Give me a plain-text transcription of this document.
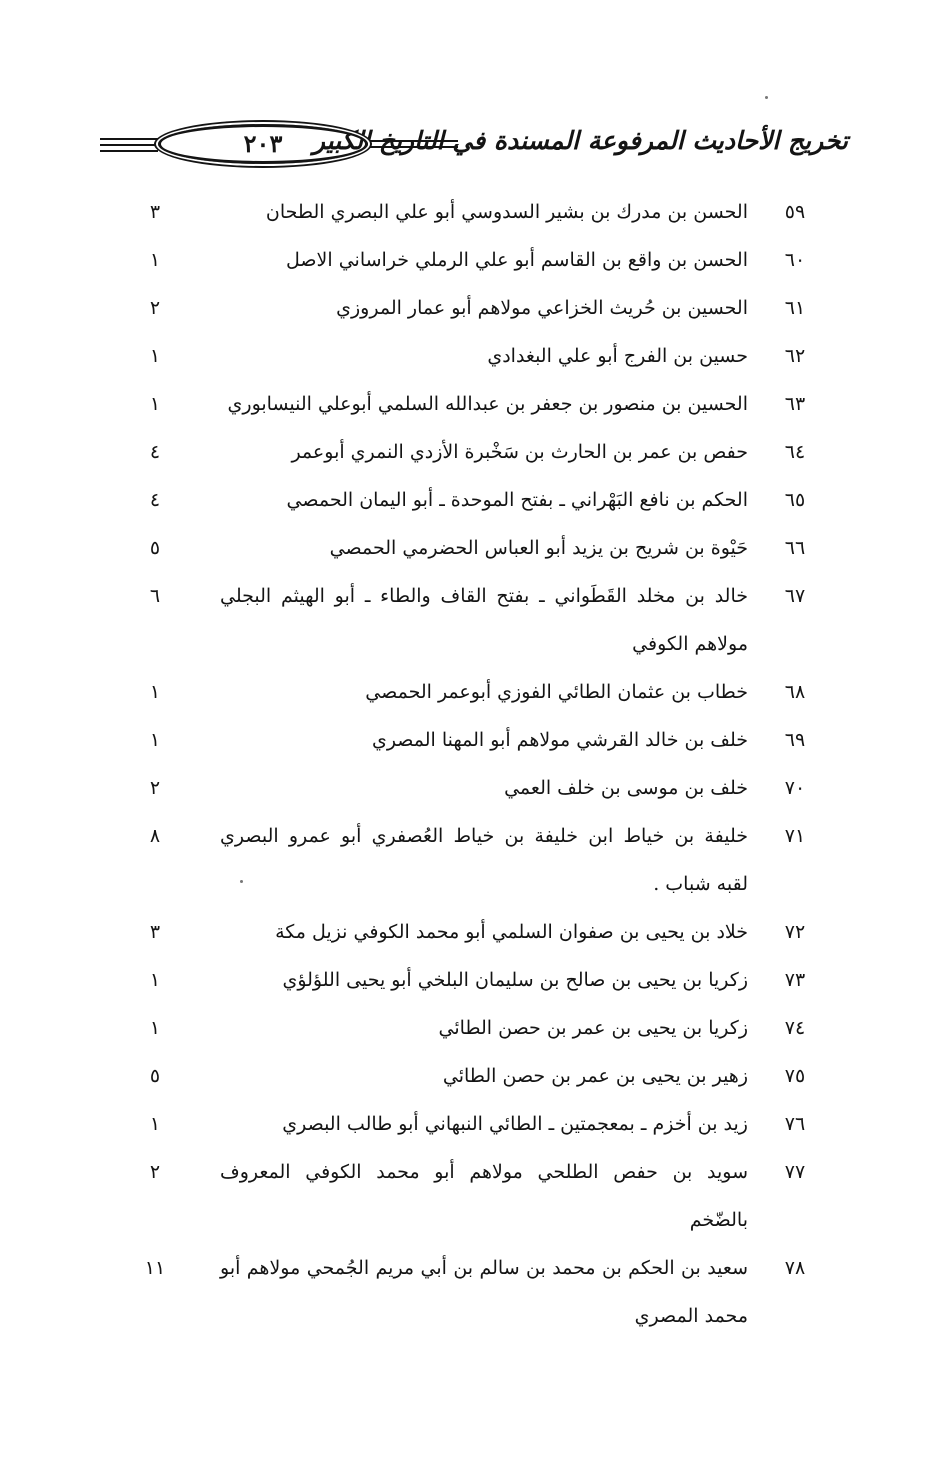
تخريج الأحاديث المرفوعة المسندة في التاريخ الكبير
٢٠٣
٥٩
الحسن بن مدرك بن بشير السدوسي أبو علي البصري الطحان
٣
٦٠
الحسن بن واقع بن القاسم أبو علي الرملي خراساني الاصل
١
٦١
الحسين بن حُريث الخزاعي مولاهم أبو عمار المروزي
٢
٦٢
حسين بن الفرج أبو علي البغدادي
١
٦٣
الحسين بن منصور بن جعفر بن عبدالله السلمي أبوعلي النيسابوري
١
٦٤
حفص بن عمر بن الحارث بن سَخْبرة الأزدي النمري أبوعمر
٤
٦٥
الحكم بن نافع البَهْراني ـ بفتح الموحدة ـ أبو اليمان الحمصي
٤
٦٦
حَيْوة بن شريح بن يزيد أبو العباس الحضرمي الحمصي
٥
٦٧
خالد بن مخلد القَطَواني ـ بفتح القاف والطاء ـ أبو الهيثم البجلي
مولاهم الكوفي
٦
٦٨
خطاب بن عثمان الطائي الفوزي أبوعمر الحمصي
١
٦٩
خلف بن خالد القرشي مولاهم أبو المهنا المصري
١
٧٠
خلف بن موسى بن خلف العمي
٢
٧١
خليفة بن خياط ابن خليفة بن خياط العُصفري أبو عمرو البصري
لقبه شباب .
٨
٧٢
خلاد بن يحيى بن صفوان السلمي أبو محمد الكوفي نزيل مكة
٣
٧٣
زكريا بن يحيى بن صالح بن سليمان البلخي أبو يحيى اللؤلؤي
١
٧٤
زكريا بن يحيى بن عمر بن حصن الطائي
١
٧٥
زهير بن يحيى بن عمر بن حصن الطائي
٥
٧٦
زيد بن أخزم ـ بمعجمتين ـ الطائي النبهاني أبو طالب البصري
١
٧٧
سويد بن حفص الطلحي مولاهم أبو محمد الكوفي المعروف
بالضّخم
٢
٧٨
سعيد بن الحكم بن محمد بن سالم بن أبي مريم الجُمحي مولاهم أبو
محمد المصري
١١
